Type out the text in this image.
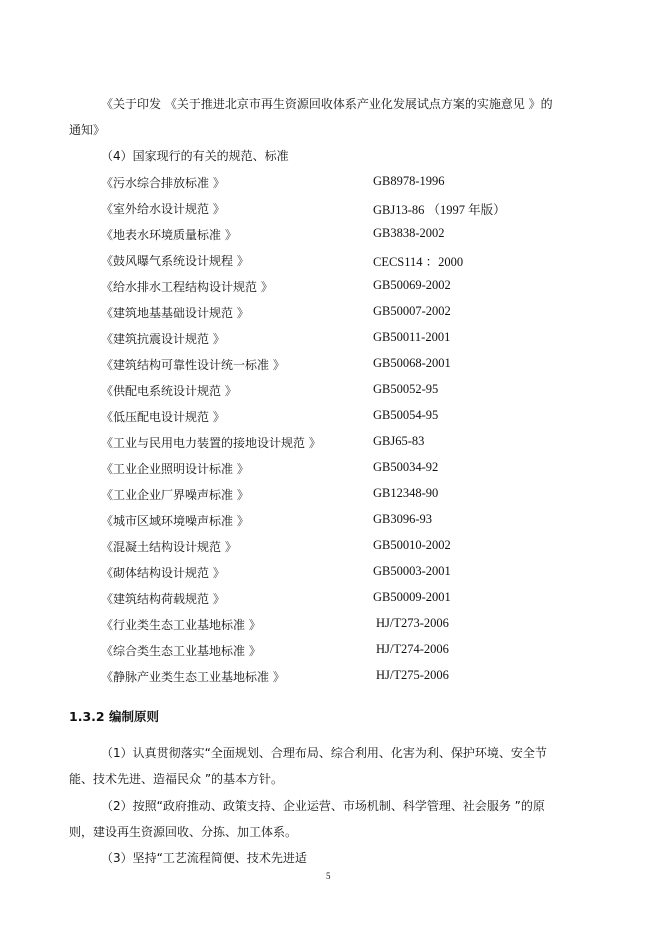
《关于印发 《关于推进北京市再生资源回收体系产业化发展试点方案的实施意见 》的
通知》
（4）国家现行的有关的规范、标准
《污水综合排放标准 》	GB8978-1996
《室外给水设计规范 》	GBJ13-86 （1997 年版）
《地表水环境质量标准 》	GB3838-2002
《鼓风曝气系统设计规程 》	CECS114 ：2000
《给水排水工程结构设计规范 》	GB50069-2002
《建筑地基基础设计规范 》	GB50007-2002
《建筑抗震设计规范 》	GB50011-2001
《建筑结构可靠性设计统一标准 》	GB50068-2001
《供配电系统设计规范 》	GB50052-95
《低压配电设计规范 》	GB50054-95
《工业与民用电力装置的接地设计规范 》	GBJ65-83
《工业企业照明设计标准 》	GB50034-92
《工业企业厂界噪声标准 》	GB12348-90
《城市区域环境噪声标准 》	GB3096-93
《混凝土结构设计规范 》	GB50010-2002
《砌体结构设计规范 》	GB50003-2001
《建筑结构荷载规范 》	GB50009-2001
《行业类生态工业基地标准 》	HJ/T273-2006
《综合类生态工业基地标准 》	HJ/T274-2006
《静脉产业类生态工业基地标准 》	HJ/T275-2006
1.3.2 编制原则
（1）认真贯彻落实“全面规划、合理布局、综合利用、化害为利、保护环境、安全节
能、技术先进、造福民众 ”的基本方针。
（2）按照“政府推动、政策支持、企业运营、市场机制、科学管理、社会服务 ”的原
则，建设再生资源回收、分拣、加工体系。
（3）坚持“工艺流程简便、技术先进适
5
